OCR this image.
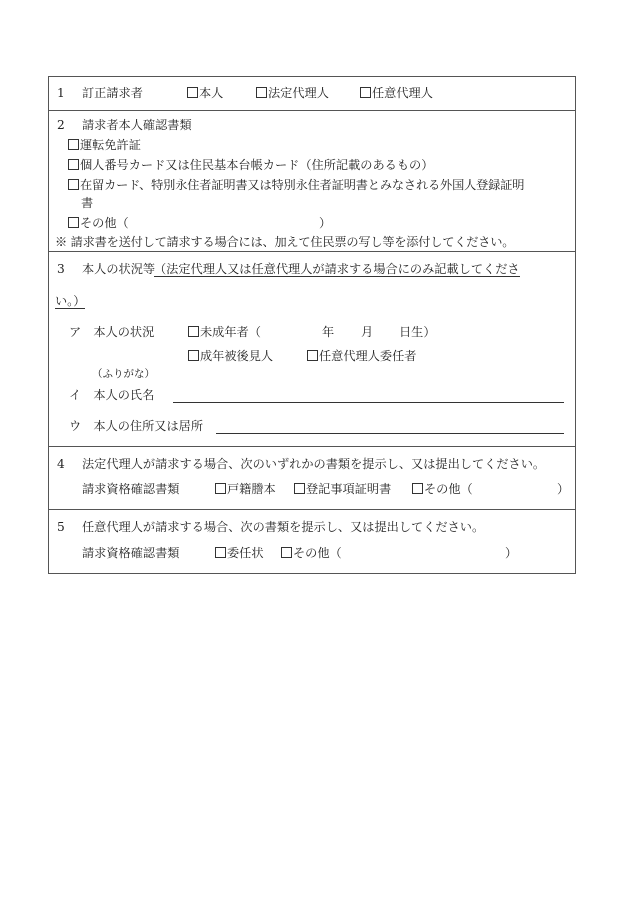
1 訂正請求者	本人	法定代理人	任意代理人
2 請求者本人確認書類
運転免許証
個人番号カード又は住民基本台帳カード（住所記載のあるもの）
在留カード、特別永住者証明書又は特別永住者証明書とみなされる外国人登録証明
書
その他（	）
※ 請求書を送付して請求する場合には、加えて住民票の写し等を添付してください。
3 本人の状況等
（法定代理人又は任意代理人が請求する場合にのみ記載してくださ
い。）
ア　本人の状況	未成年者（	年 月 日生）
成年被後見人	任意代理人委任者
（ふりがな）
イ　本人の氏名
ウ　本人の住所又は居所
4 法定代理人が請求する場合、次のいずれかの書類を提示し、又は提出してください。
請求資格確認書類	戸籍謄本	登記事項証明書	その他（	）
5 任意代理人が請求する場合、次の書類を提示し、又は提出してください。
請求資格確認書類	委任状	その他（	）
